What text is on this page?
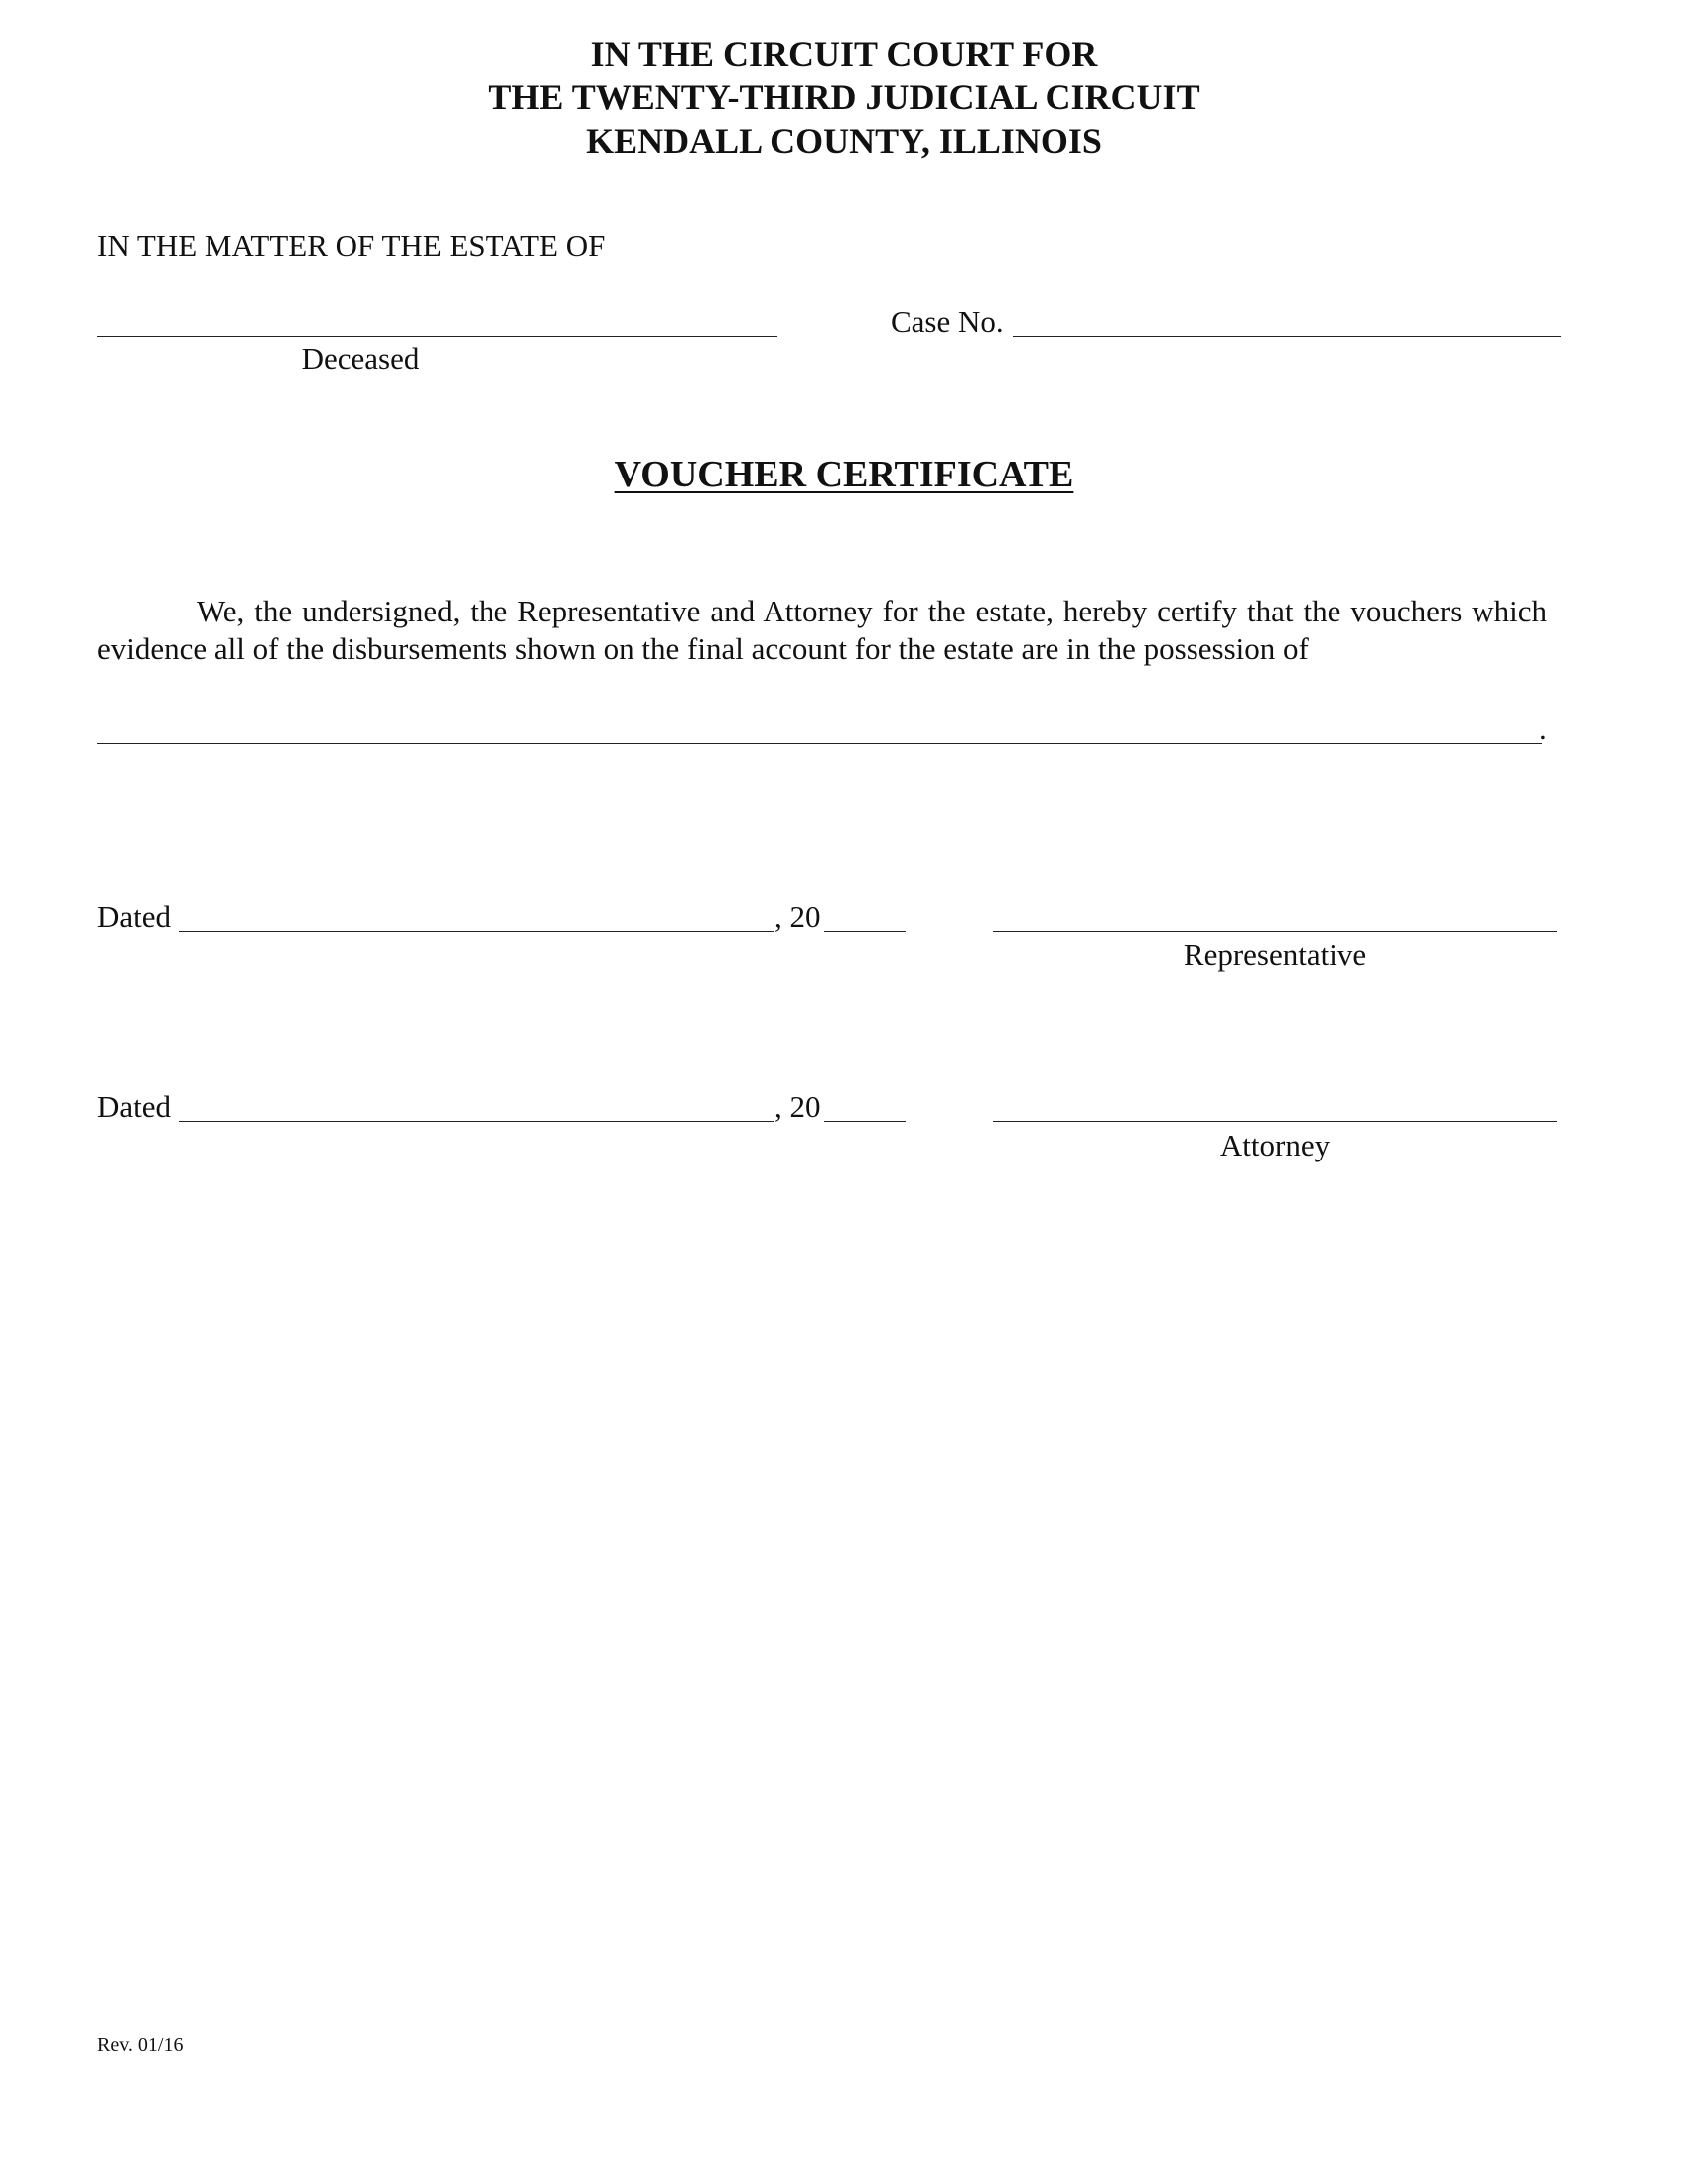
IN THE CIRCUIT COURT FOR
THE TWENTY-THIRD JUDICIAL CIRCUIT
KENDALL COUNTY, ILLINOIS
IN THE MATTER OF THE ESTATE OF
Deceased
Case No.
VOUCHER CERTIFICATE
We, the undersigned, the Representative and Attorney for the estate, hereby certify that the vouchers which evidence all of the disbursements shown on the final account for the estate are in the possession of
.
Dated	, 20
Representative
Dated	, 20
Attorney
Rev. 01/16
